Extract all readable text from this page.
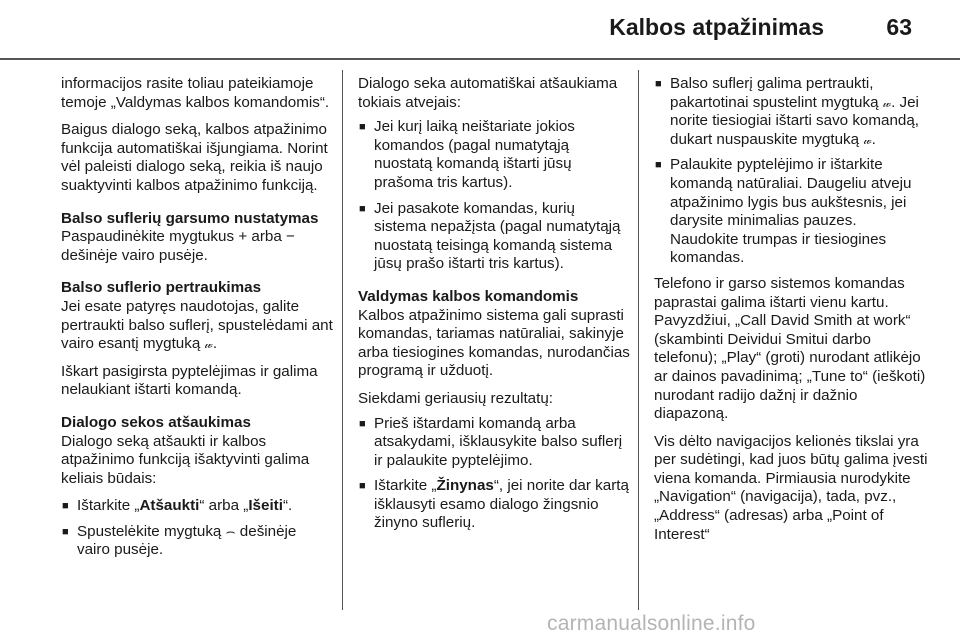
Kalbos atpažinimas	63

informacijos rasite toliau pateikiamoje temoje „Valdymas kalbos komandomis“.

Baigus dialogo seką, kalbos atpažinimo funkcija automatiškai išjungiama. Norint vėl paleisti dialogo seką, reikia iš naujo suaktyvinti kalbos atpažinimo funkciją.

Balso suflerių garsumo nustatymas

Paspaudinėkite mygtukus + arba − dešinėje vairo pusėje.

Balso suflerio pertraukimas

Jei esate patyręs naudotojas, galite pertraukti balso suflerį, spustelėdami ant vairo esantį mygtuką 𝓌.

Iškart pasigirsta pyptelėjimas ir galima nelaukiant ištarti komandą.

Dialogo sekos atšaukimas

Dialogo seką atšaukti ir kalbos atpažinimo funkciją išaktyvinti galima keliais būdais:

■ Ištarkite „Atšaukti“ arba „Išeiti“.
■ Spustelėkite mygtuką ⌢ dešinėje vairo pusėje.

Dialogo seka automatiškai atšaukiama tokiais atvejais:

■ Jei kurį laiką neištariate jokios komandos (pagal numatytąją nuostatą komandą ištarti jūsų prašoma tris kartus).
■ Jei pasakote komandas, kurių sistema nepažįsta (pagal numatytąją nuostatą teisingą komandą sistema jūsų prašo ištarti tris kartus).
Valdymas kalbos komandomis

Kalbos atpažinimo sistema gali suprasti komandas, tariamas natūraliai, sakinyje arba tiesiogines komandas, nurodančias programą ir užduotį.

Siekdami geriausių rezultatų:

■ Prieš ištardami komandą arba atsakydami, išklausykite balso suflerį ir palaukite pyptelėjimo.
■ Ištarkite „Žinynas“, jei norite dar kartą išklausyti esamo dialogo žingsnio žinyno suflerių.
■ Balso suflerį galima pertraukti, pakartotinai spustelint mygtuką 𝓌. Jei norite tiesiogiai ištarti savo komandą, dukart nuspauskite mygtuką 𝓌.
■ Palaukite pyptelėjimo ir ištarkite komandą natūraliai. Daugeliu atveju atpažinimo lygis bus aukštesnis, jei darysite minimalias pauzes. Naudokite trumpas ir tiesiogines komandas.

Telefono ir garso sistemos komandas paprastai galima ištarti vienu kartu. Pavyzdžiui, „Call David Smith at work“ (skambinti Deividui Smitui darbo telefonu); „Play“ (groti) nurodant atlikėjo ar dainos pavadinimą; „Tune to“ (ieškoti) nurodant radijo dažnį ir dažnio diapazoną.

Vis dėlto navigacijos kelionės tikslai yra per sudėtingi, kad juos būtų galima įvesti viena komanda. Pirmiausia nurodykite „Navigation“ (navigacija), tada, pvz., „Address“ (adresas) arba „Point of Interest“

carmanualsonline.info
